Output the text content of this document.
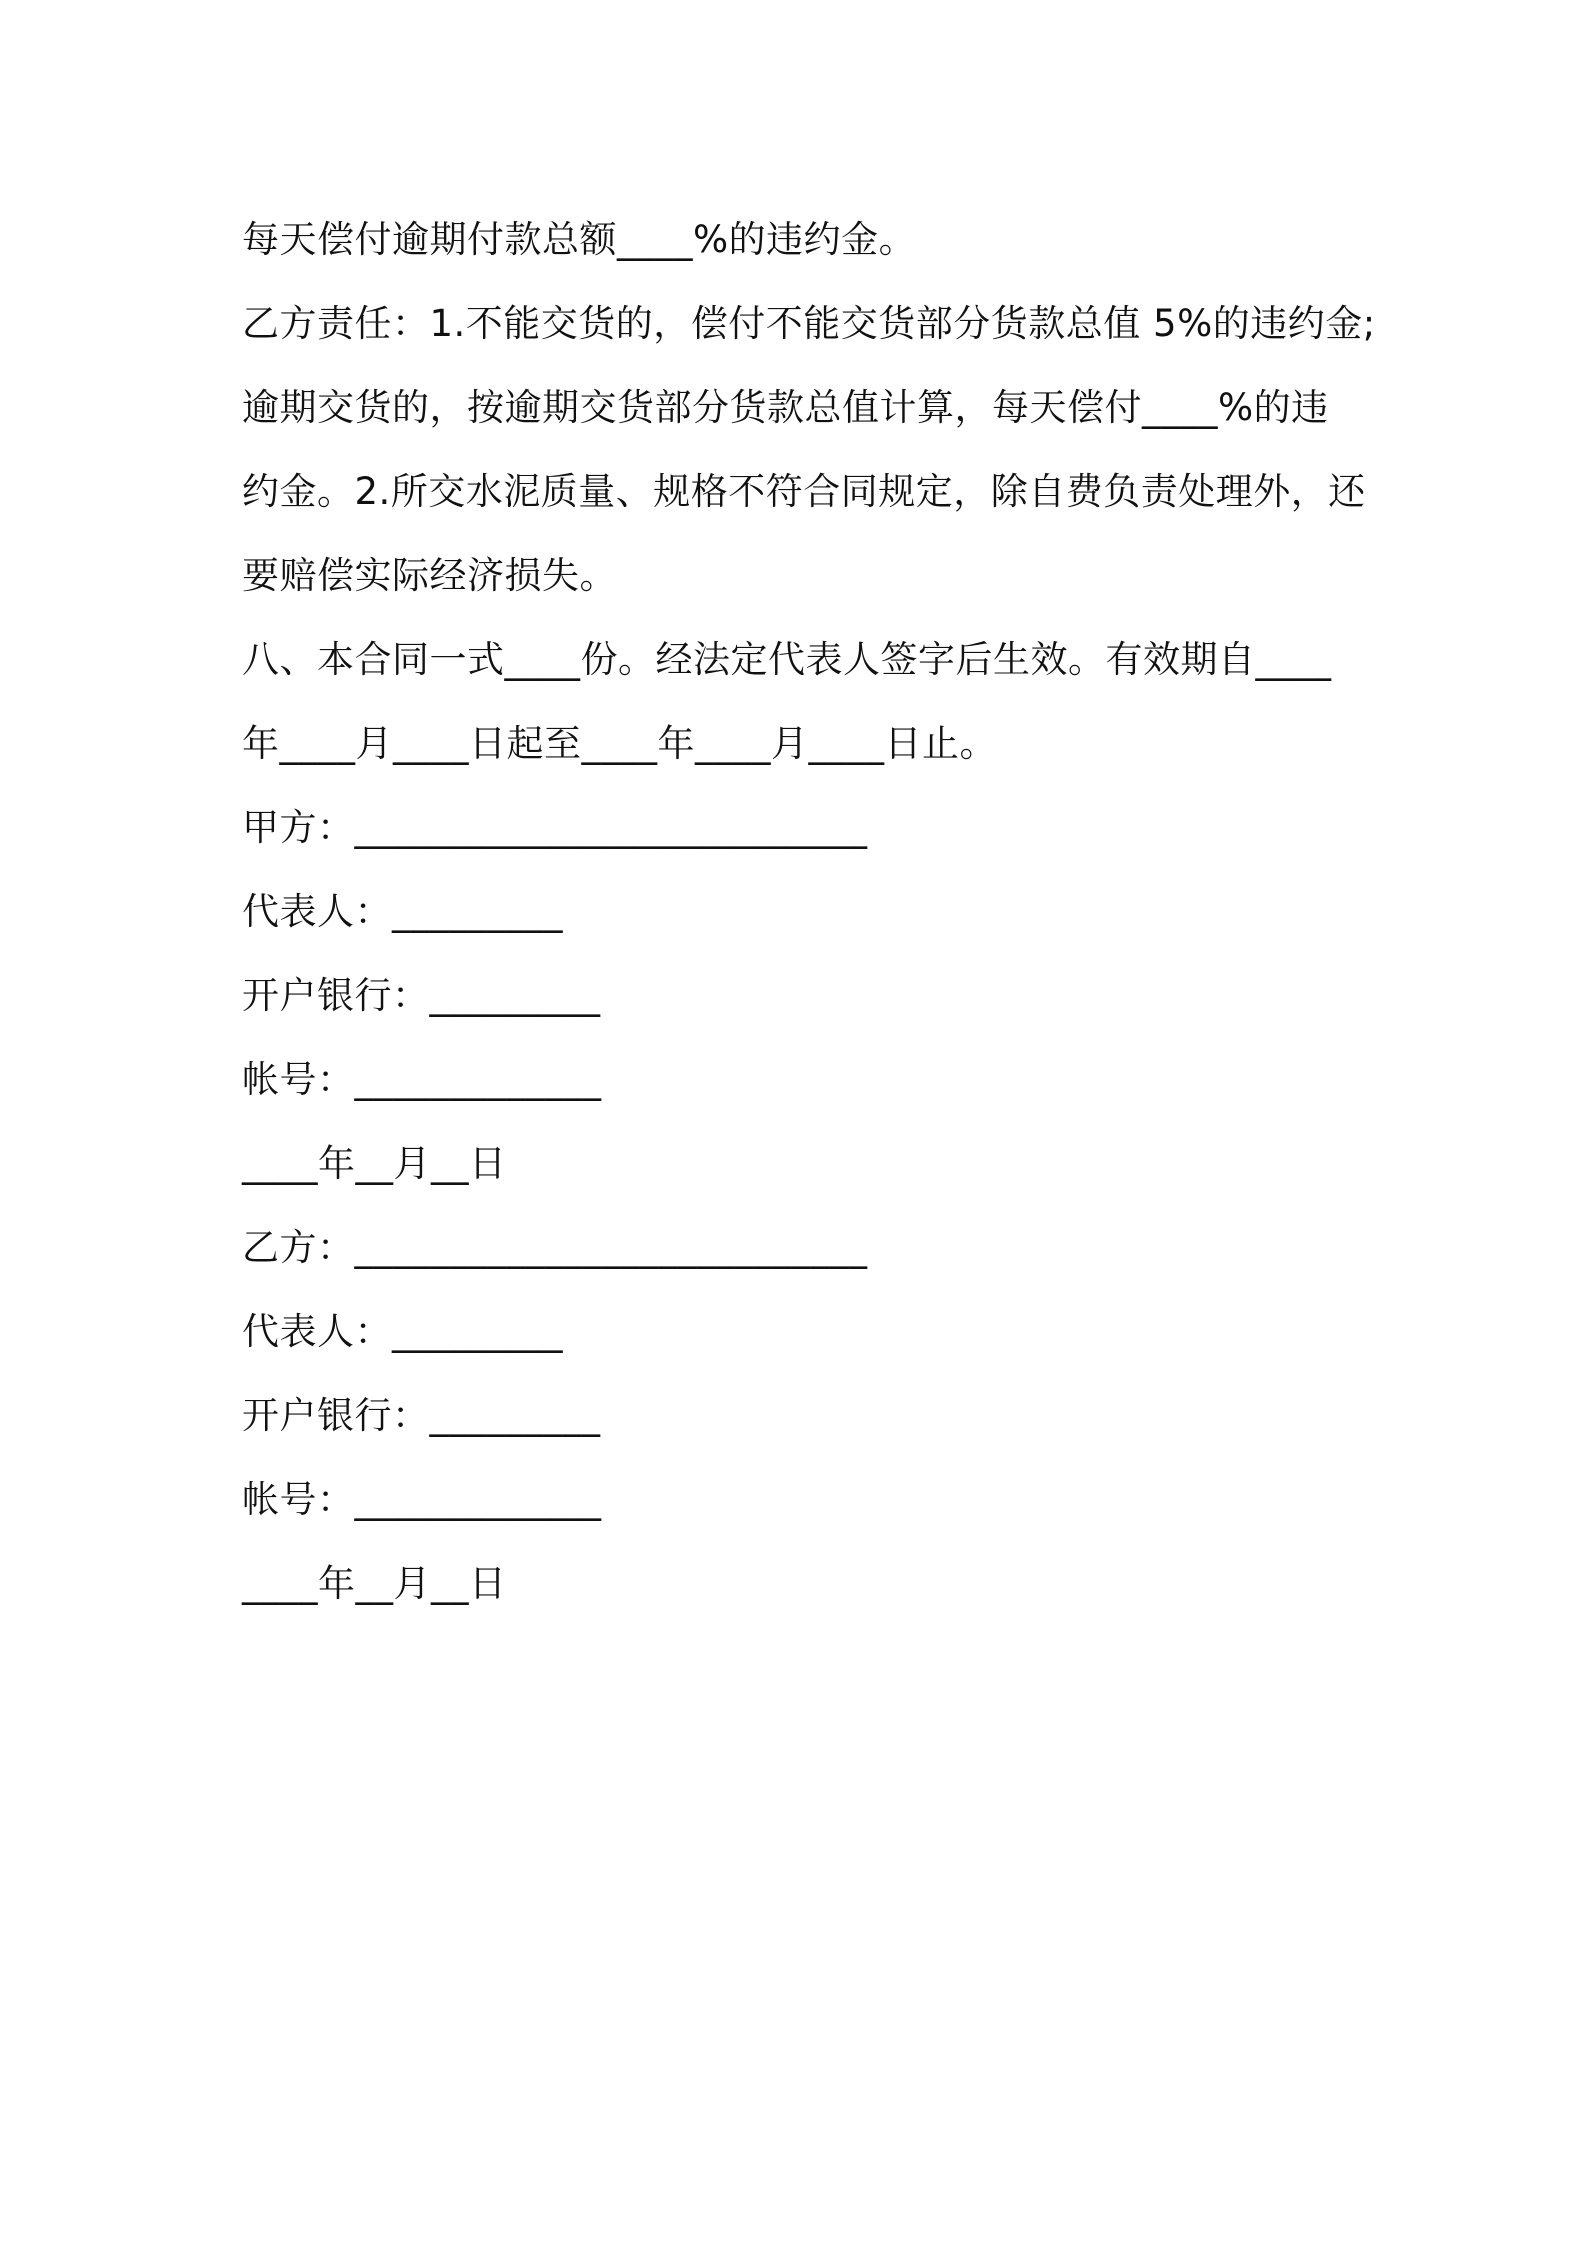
每天偿付逾期付款总额____%的违约金。
乙方责任：1.不能交货的，偿付不能交货部分货款总值 5%的违约金;
逾期交货的，按逾期交货部分货款总值计算，每天偿付____%的违
约金。2.所交水泥质量、规格不符合同规定，除自费负责处理外，还
要赔偿实际经济损失。
八、本合同一式____份。经法定代表人签字后生效。有效期自____
年____月____日起至____年____月____日止。
甲方：___________________________
代表人：_________
开户银行：_________
帐号：_____________
____年__月__日
乙方：___________________________
代表人：_________
开户银行：_________
帐号：_____________
____年__月__日
